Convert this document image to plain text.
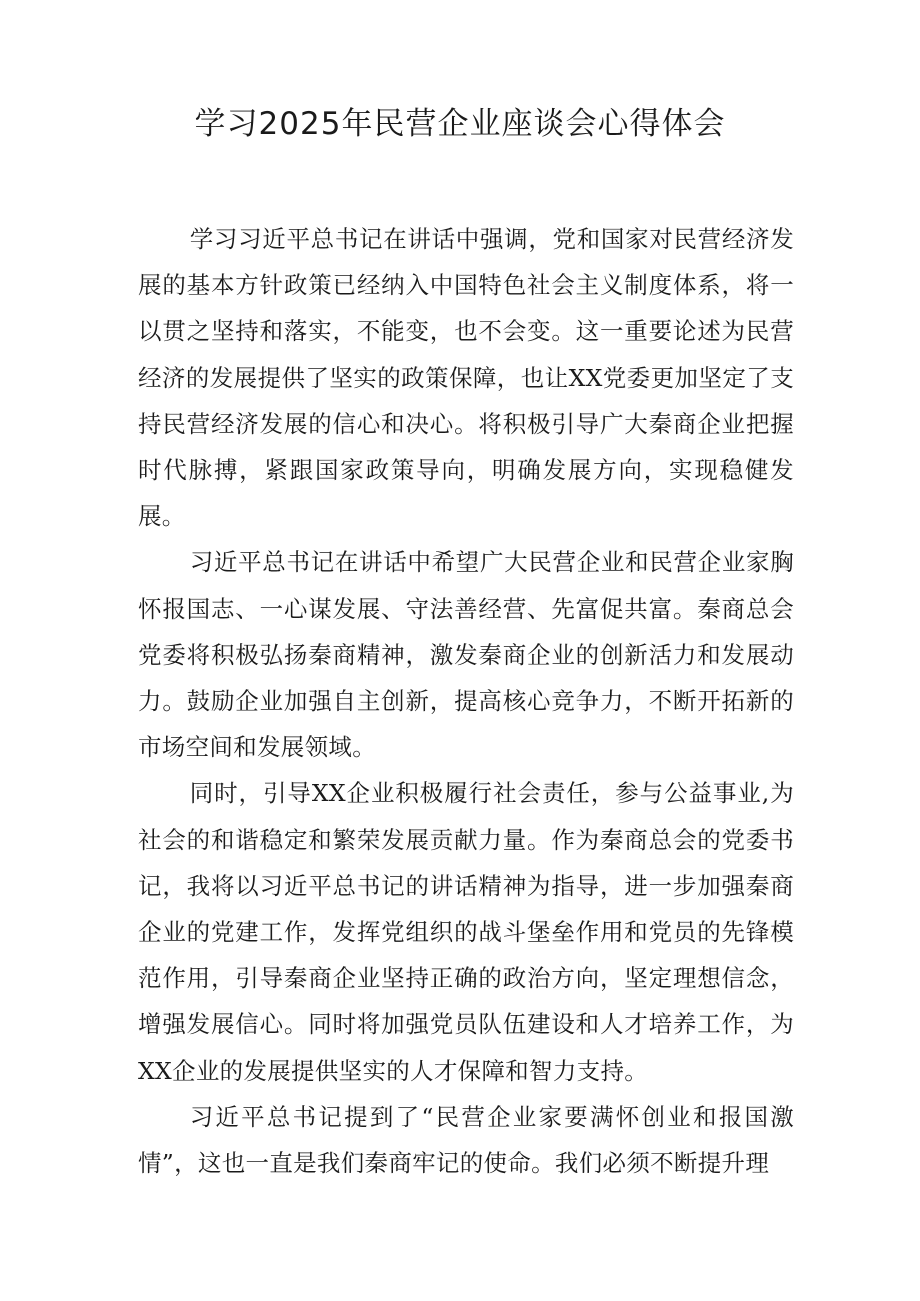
学习2025年民营企业座谈会心得体会

学习习近平总书记在讲话中强调，党和国家对民营经济发展的基本方针政策已经纳入中国特色社会主义制度体系，将一以贯之坚持和落实，不能变，也不会变。这一重要论述为民营经济的发展提供了坚实的政策保障，也让XX党委更加坚定了支持民营经济发展的信心和决心。将积极引导广大秦商企业把握时代脉搏，紧跟国家政策导向，明确发展方向，实现稳健发展。

习近平总书记在讲话中希望广大民营企业和民营企业家胸怀报国志、一心谋发展、守法善经营、先富促共富。秦商总会党委将积极弘扬秦商精神，激发秦商企业的创新活力和发展动力。鼓励企业加强自主创新，提高核心竞争力，不断开拓新的市场空间和发展领域。

同时，引导XX企业积极履行社会责任，参与公益事业,为社会的和谐稳定和繁荣发展贡献力量。作为秦商总会的党委书记，我将以习近平总书记的讲话精神为指导，进一步加强秦商企业的党建工作，发挥党组织的战斗堡垒作用和党员的先锋模范作用，引导秦商企业坚持正确的政治方向，坚定理想信念，增强发展信心。同时将加强党员队伍建设和人才培养工作，为XX企业的发展提供坚实的人才保障和智力支持。

习近平总书记提到了“民营企业家要满怀创业和报国激情”，这也一直是我们秦商牢记的使命。我们必须不断提升理
